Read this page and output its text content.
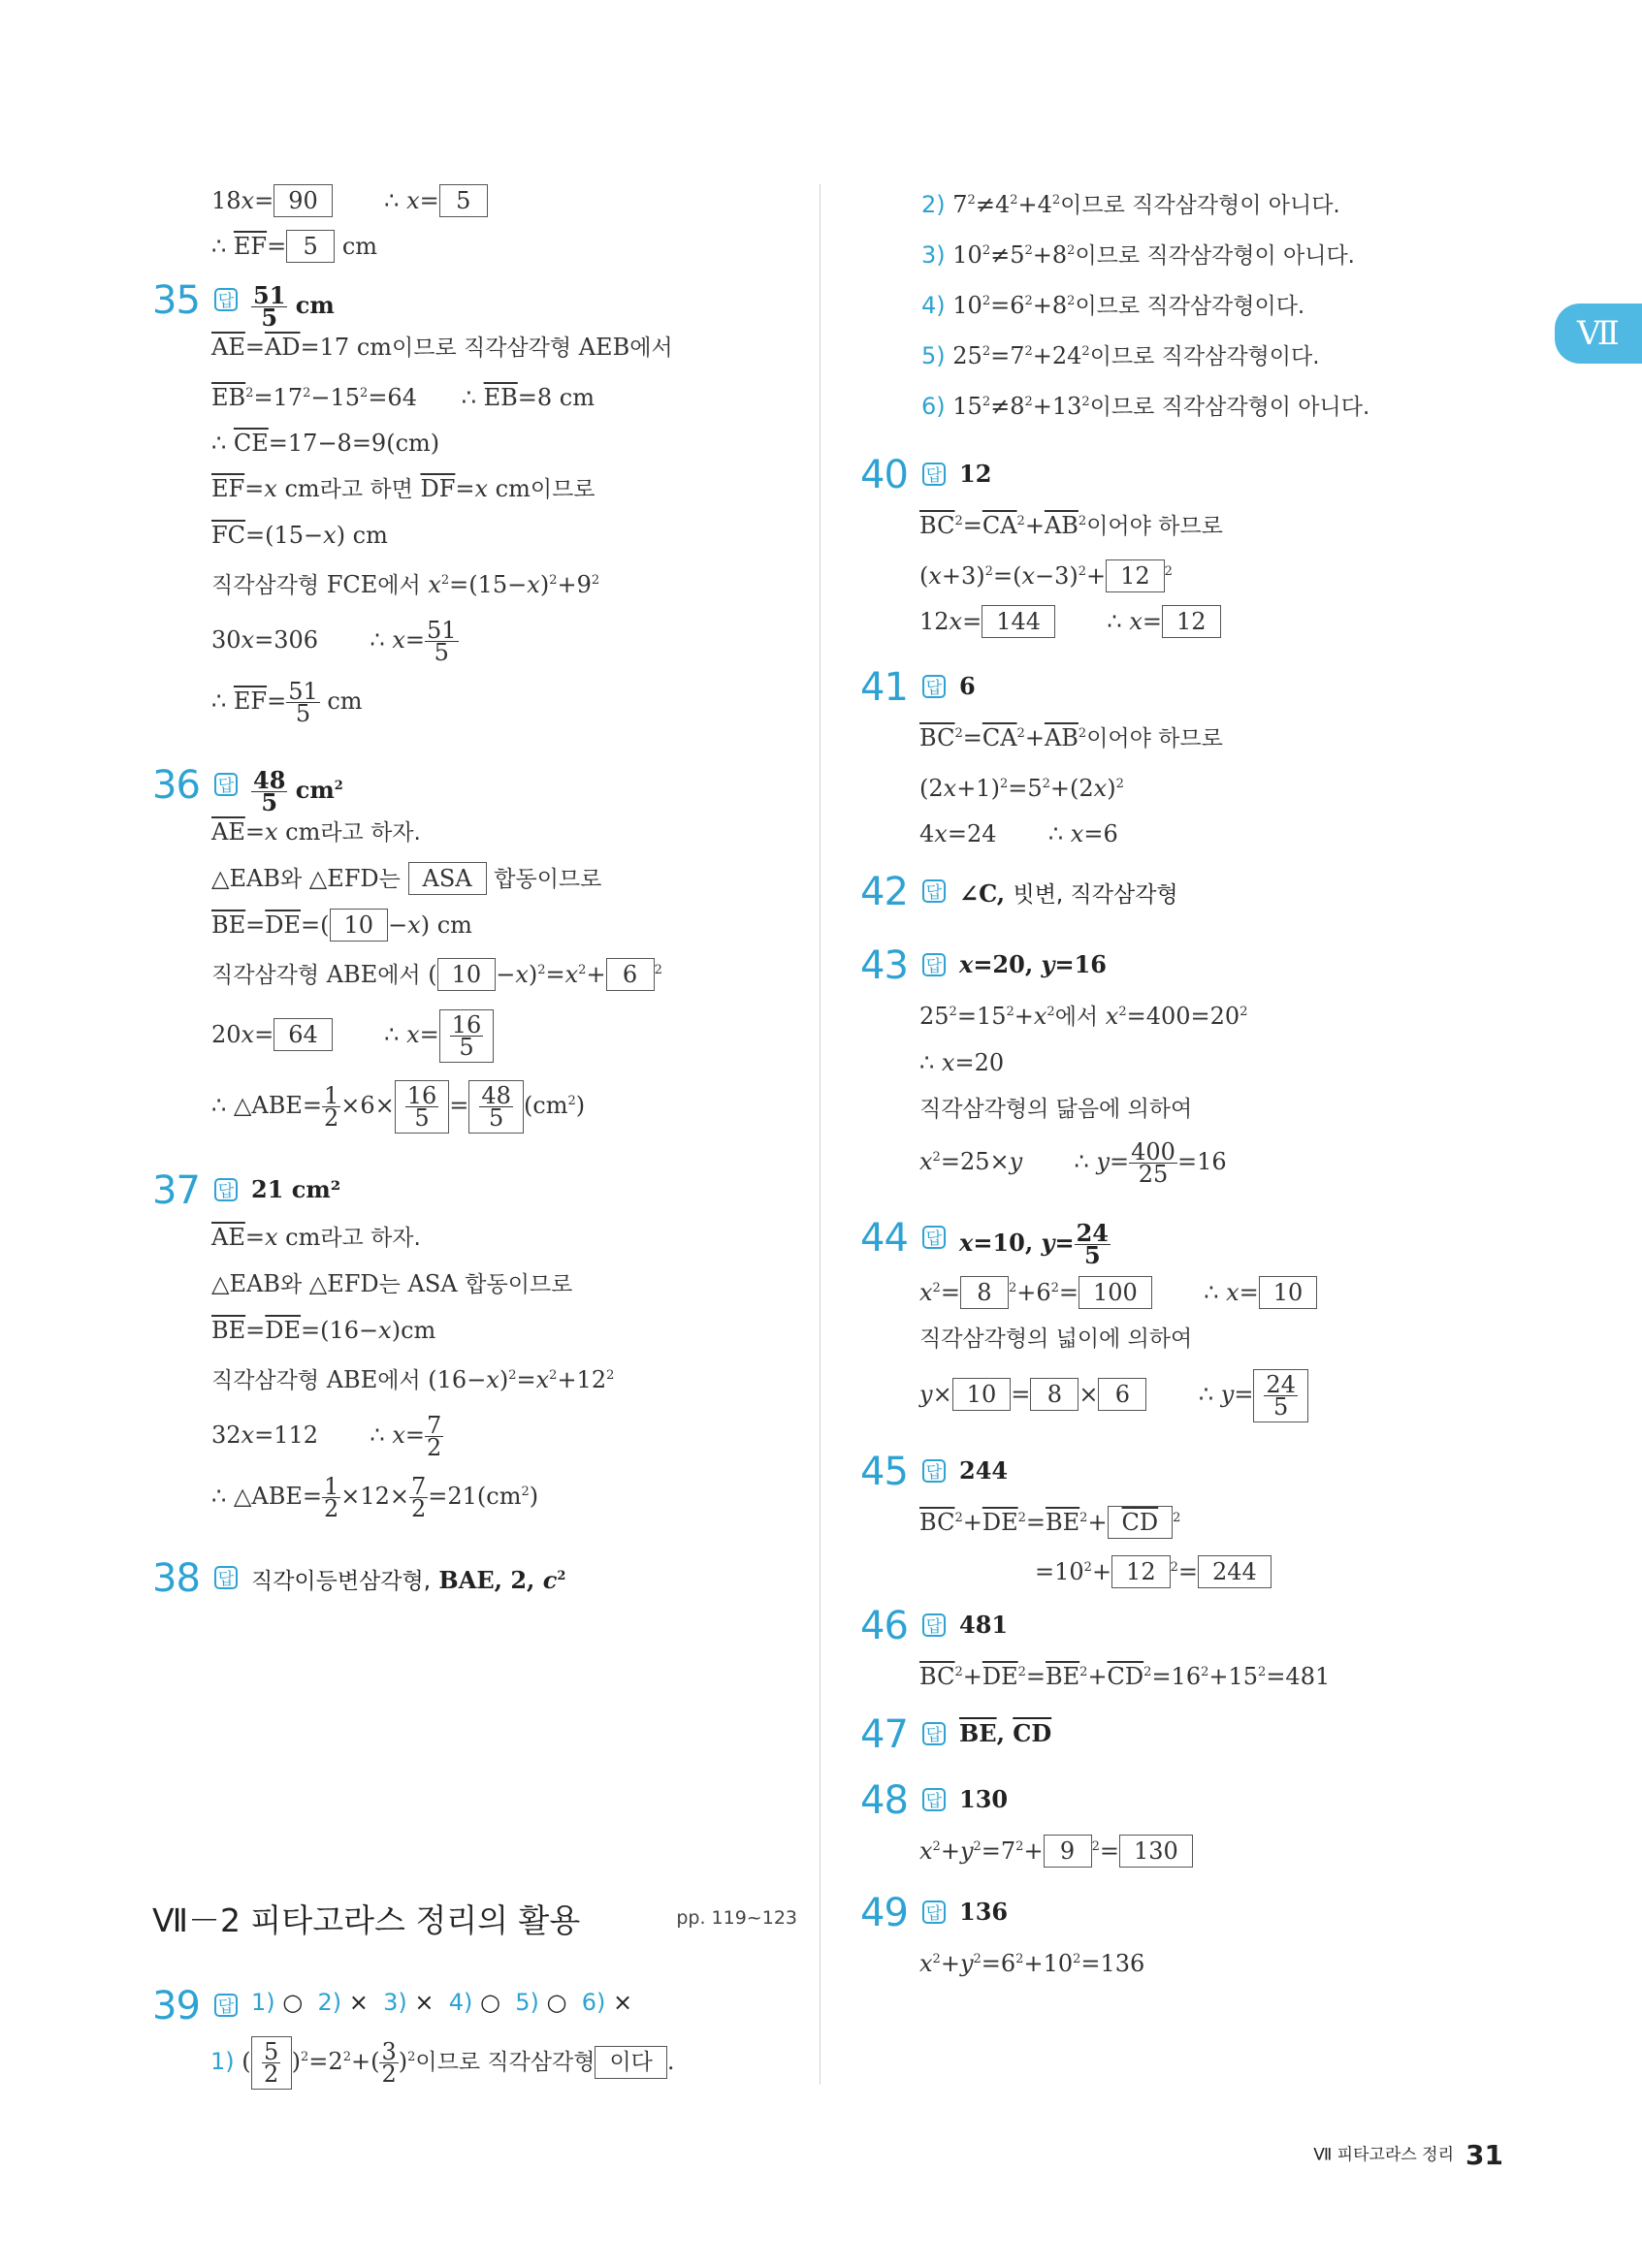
Ⅶ
18x= 90       ∴ x= 5
∴ $\overline{EF}= 5$ cm
35 답 $\frac{51}{5}$ cm
$\overline{AE}=\overline{AD}=17$ cm이므로 직각삼각형 AEB에서
$\overline{EB}^2=17^2-15^2=64$      ∴ $\overline{EB}=8$ cm
∴ $\overline{CE}=17-8=9(cm)$
$\overline{EF}=x$ cm라고 하면 $\overline{DF}=x$ cm이므로
$\overline{FC}=(15-x)$ cm
직각삼각형 FCE에서 $x^2=(15-x)^2+9^2$
30x=306       ∴ $x= \frac{51}{5}$
∴ $\overline{EF}= \frac{51}{5}$ cm
36 답 $\frac{48}{5} cm^2$
$\overline{AE}=x$ cm라고 하자.
△EAB와 △EFD는 ASA 합동이므로
$\overline{BE}=\overline{DE}=$( 10 −x) cm
직각삼각형 ABE에서 ( $10 -x)^2=x^2+ 6$ $^2$
20x= 64       ∴ $x= \frac{16}{5}$
∴ △ABE= $\frac{1}{2} \times 6\times \frac{16}{5} = \frac{48}{5} (cm^2)$
37 답 21 cm²
$\overline{AE}=x$ cm라고 하자.
△EAB와 △EFD는 ASA 합동이므로
$\overline{BE}=\overline{DE}=(16-x)cm$
직각삼각형 ABE에서 $(16-x)^2=x^2+12^2$
32x=112       ∴ $x= \frac{7}{2}$
∴ △ABE= $\frac{1}{2} \times 12\times \frac{7}{2} =21(cm^2)$
38 답 직각이등변삼각형, BAE, 2, $c^2$
Ⅶ－2 피타고라스 정리의 활용	pp. 119~123
39 답 1) ○  2) ×  3) ×  4) ○  5) ○  6) ×
1) ( $\frac{5}{2} )^2=2^2+( \frac{3}{2} )^2$이므로 직각삼각형 이다 .
2) $7^2\ne 4^2+4^2$이므로 직각삼각형이 아니다.
3) $10^2\ne 5^2+8^2$이므로 직각삼각형이 아니다.
4) $10^2=6^2+8^2$이므로 직각삼각형이다.
5) $25^2=7^2+24^2$이므로 직각삼각형이다.
6) $15^2\ne 8^2+13^2$이므로 직각삼각형이 아니다.
40 답 12
$\overline{BC}^2=\overline{CA}^2+\overline{AB}^2$이어야 하므로
$(x+3)^2=(x-3)^2+ 12$ $^2$
12x= 144       ∴ x= 12
41 답 6
$\overline{BC}^2=\overline{CA}^2+\overline{AB}^2$이어야 하므로
$(2x+1)^2=5^2+(2x)^2$
4x=24       ∴ x=6
42 답 ∠C, 빗변, 직각삼각형
43 답 x=20, y=16
$25^2=15^2+x^2$에서 $x^2=400=20^2$
∴ x=20
직각삼각형의 닮음에 의하여
$x^2=25\times y$       ∴ $y= \frac{400}{25} =16$
44 답 x=10, $y= \frac{24}{5}$
$x^2= 8$ $^2+6^2= 100$       ∴ x= 10
직각삼각형의 넓이에 의하여
y× 10 = 8 × 6       ∴ $y= \frac{24}{5}$
45 답 244
$\overline{BC}^2+\overline{DE}^2=\overline{BE}^2+ \overline{CD}$ $^2$
$=10^2+ 12$ $^2$= 244
46 답 481
$\overline{BC}^2+\overline{DE}^2=\overline{BE}^2+\overline{CD}^2=16^2+15^2=481$
47 답 $\overline{BE}$, $\overline{CD}$
48 답 130
$x^2+y^2=7^2+ 9$ $^2$= 130
49 답 136
$x^2+y^2=6^2+10^2=136$
Ⅶ 피타고라스 정리 31
